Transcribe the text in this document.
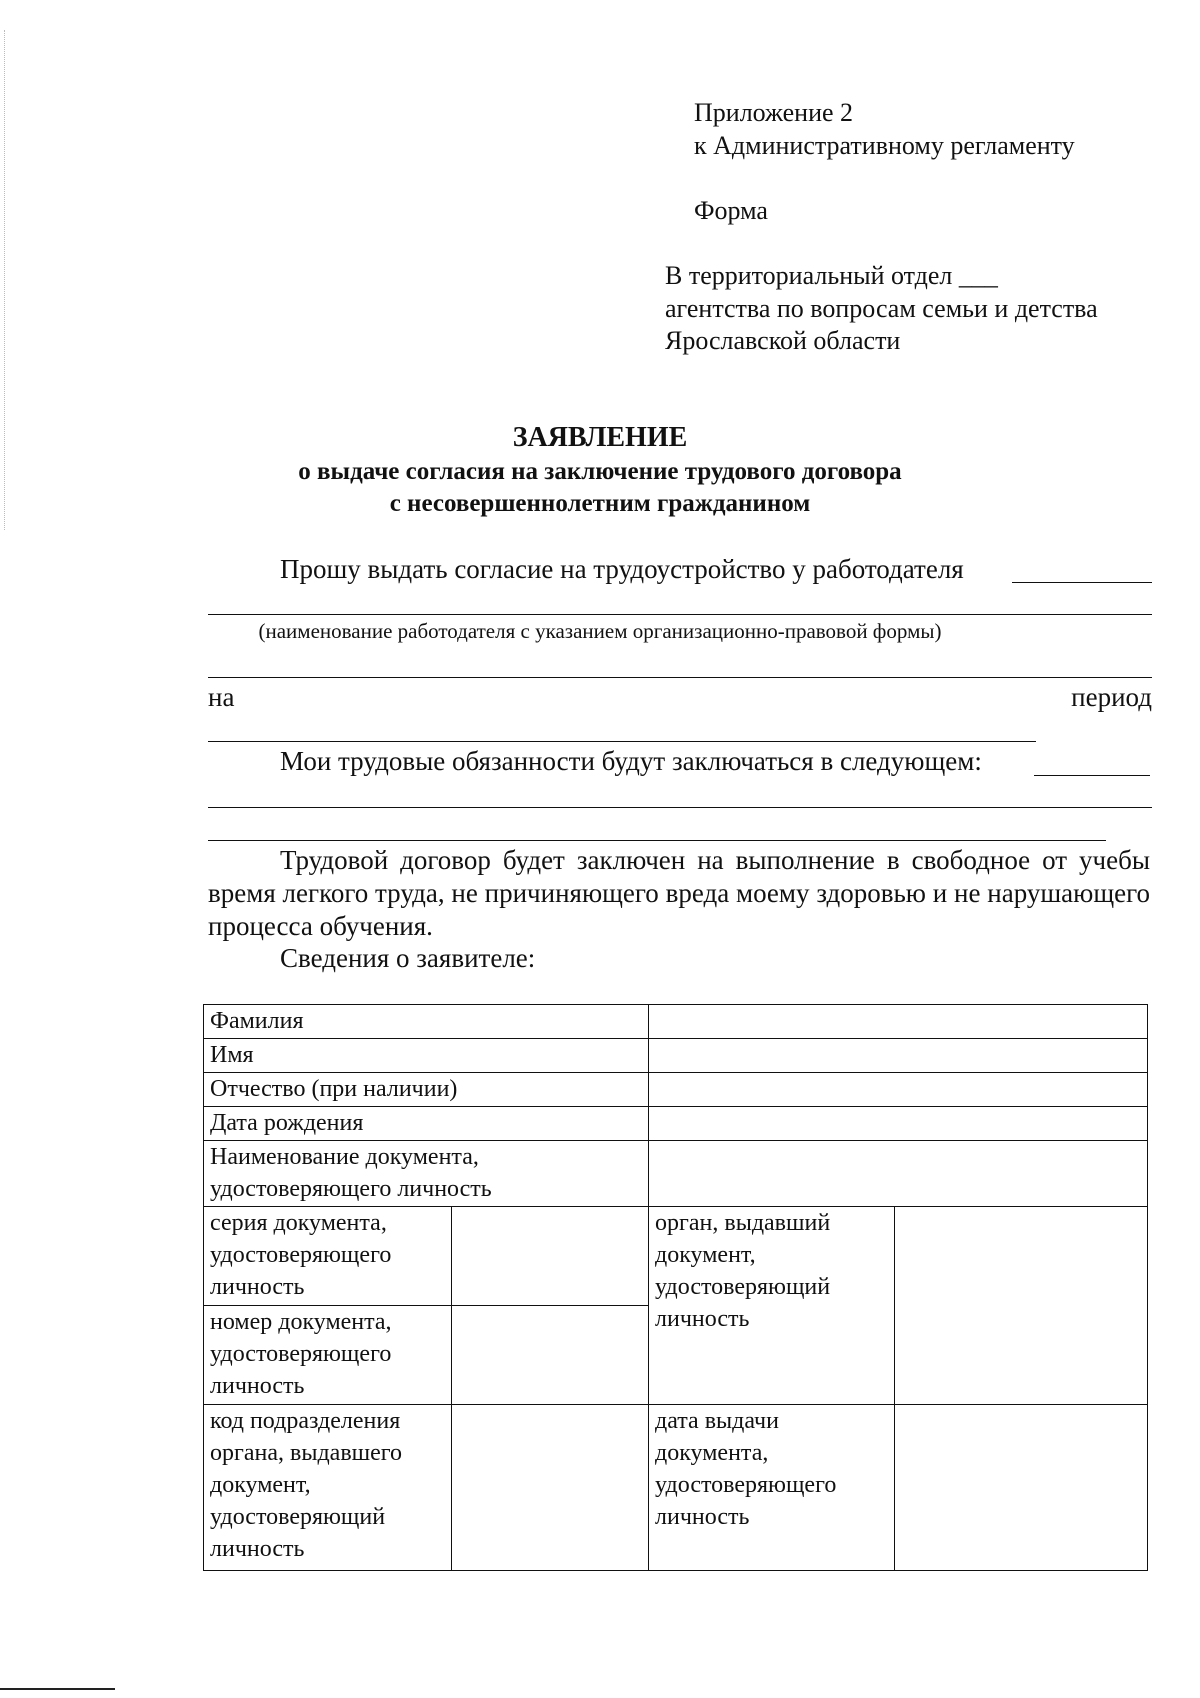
Приложение 2
к Административному регламенту
Форма
В территориальный отдел ___
агентства по вопросам семьи и детства
Ярославской области
ЗАЯВЛЕНИЕ
о выдаче согласия на заключение трудового договора
с несовершеннолетним гражданином
Прошу выдать согласие на трудоустройство у работодателя
(наименование работодателя с указанием организационно-правовой формы)
на	период
Мои трудовые обязанности будут заключаться в следующем:
Трудовой договор будет заключен на выполнение в свободное от учебы время легкого труда, не причиняющего вреда моему здоровью и не нарушающего процесса обучения.
Сведения о заявителе:
Фамилия			
Имя			
Отчество (при наличии)			
Дата рождения			
Наименование документа, удостоверяющего личность			
серия документа, удостоверяющего личность		орган, выдавший документ, удостоверяющий личность	
номер документа, удостоверяющего личность			
код подразделения органа, выдавшего документ, удостоверяющий личность		дата выдачи документа, удостоверяющего личность	
